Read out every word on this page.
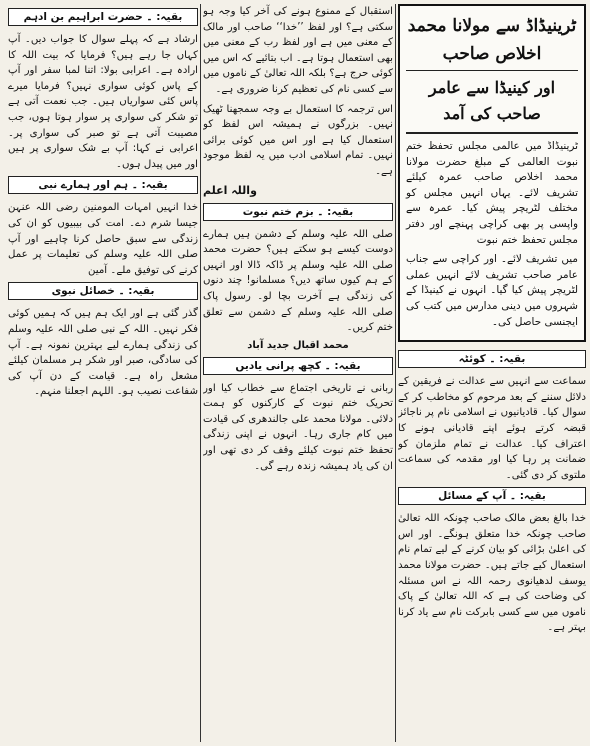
ٹرینیڈاڈ سے مولانا محمد اخلاص صاحب
اور کینیڈا سے عامر صاحب کی آمد

ٹرینیڈاڈ میں عالمی مجلس تحفظ ختم نبوت العالمی کے مبلغ حضرت مولانا محمد اخلاص صاحب عمرہ کیلئے تشریف لائے۔ یہاں انہیں مجلس کو مختلف لٹریچر پیش کیا۔ عمرہ سے واپسی پر بھی کراچی پہنچے اور دفتر مجلس تحفظ ختم نبوت

میں تشریف لائے۔ اور کراچی سے جناب عامر صاحب تشریف لائے انہیں عملی لٹریچر پیش کیا گیا۔ انہوں نے کینیڈا کے شہروں میں دینی مدارس میں کتب کی ایجنسی حاصل کی۔

بقیہ: ۔ کوئٹہ

سماعت سے انہیں سے عدالت نے فریقین کے دلائل سننے کے بعد مرحوم کو مخاطب کر کے سوال کیا۔ قادیانیوں نے اسلامی نام پر ناجائز قبضہ کرتے ہوئے اپنے قادیانی ہونے کا اعتراف کیا۔ عدالت نے تمام ملزمان کو ضمانت پر رہا کیا اور مقدمہ کی سماعت ملتوی کر دی گئی۔

بقیہ: ۔ آپ کے مسائل

خدا بالغ بعض مالک صاحب چونکہ اللہ تعالیٰ صاحب چونکہ خدا متعلق ہونگے۔ اور اس کی اعلیٰ بڑائی کو بیان کرنے کے لیے تمام نام استعمال کیے جاتے ہیں۔ حضرت مولانا محمد یوسف لدھیانوی رحمہ اللہ نے اس مسئلہ کی وضاحت کی ہے کہ اللہ تعالیٰ کے پاک ناموں میں سے کسی بابرکت نام سے یاد کرنا بہتر ہے۔

استقبال کے ممنوع ہونے کی آخر کیا وجہ ہو سکتی ہے؟ اور لفظ ’’خدا‘‘ صاحب اور مالک کے معنی میں ہے اور لفظ رب کے معنی میں بھی استعمال ہوتا ہے۔ اب بتائیے کہ اس میں کوئی حرج ہے؟ بلکہ اللہ تعالیٰ کے ناموں میں سے کسی نام کی تعظیم کرنا ضروری ہے۔

اس ترجمہ کا استعمال بے وجہ سمجھنا ٹھیک نہیں۔ بزرگوں نے ہمیشہ اس لفظ کو استعمال کیا ہے اور اس میں کوئی برائی نہیں۔ تمام اسلامی ادب میں یہ لفظ موجود ہے۔

واللہ اعلم
بقیہ: ۔ بزم ختم نبوت

صلی اللہ علیہ وسلم کے دشمن ہیں ہمارے دوست کیسے ہو سکتے ہیں؟ حضرت محمد صلی اللہ علیہ وسلم پر ڈاکہ ڈالا اور انہیں کے ہم کیوں ساتھ دیں؟ مسلمانو! چند دنوں کی زندگی ہے آخرت بچا لو۔ رسول پاک صلی اللہ علیہ وسلم کے دشمن سے تعلق ختم کریں۔

محمد اقبال جدید آباد
بقیہ: ۔ کچھ پرانی یادیں

ربانی نے تاریخی اجتماع سے خطاب کیا اور تحریک ختم نبوت کے کارکنوں کو ہمت دلائی۔ مولانا محمد علی جالندھری کی قیادت میں کام جاری رہا۔ انہوں نے اپنی زندگی تحفظ ختم نبوت کیلئے وقف کر دی تھی اور ان کی یاد ہمیشہ زندہ رہے گی۔

بقیہ: ۔ حضرت ابراہیم بن ادہم

ارشاد ہے کہ پہلے سوال کا جواب دیں۔ آپ کہاں جا رہے ہیں؟ فرمایا کہ بیت اللہ کا ارادہ ہے۔ اعرابی بولا: اتنا لمبا سفر اور آپ کے پاس کوئی سواری نہیں؟ فرمایا میرے پاس کئی سواریاں ہیں۔ جب نعمت آتی ہے تو شکر کی سواری پر سوار ہوتا ہوں، جب مصیبت آتی ہے تو صبر کی سواری پر۔ اعرابی نے کہا: آپ بے شک سواری پر ہیں اور میں پیدل ہوں۔

بقیہ: ۔ ہم اور ہمارے نبی

خدا انہیں امہات المومنین رضی اللہ عنہن جیسا شرم دے۔ امت کی بیبیوں کو ان کی زندگی سے سبق حاصل کرنا چاہیے اور آپ صلی اللہ علیہ وسلم کی تعلیمات پر عمل کرنے کی توفیق ملے۔ آمین

بقیہ: ۔ خصائل نبوی

گذر گئی ہے اور ایک ہم ہیں کہ ہمیں کوئی فکر نہیں۔ اللہ کے نبی صلی اللہ علیہ وسلم کی زندگی ہمارے لیے بہترین نمونہ ہے۔ آپ کی سادگی، صبر اور شکر ہر مسلمان کیلئے مشعل راہ ہے۔ قیامت کے دن آپ کی شفاعت نصیب ہو۔ اللہم اجعلنا منہم۔
